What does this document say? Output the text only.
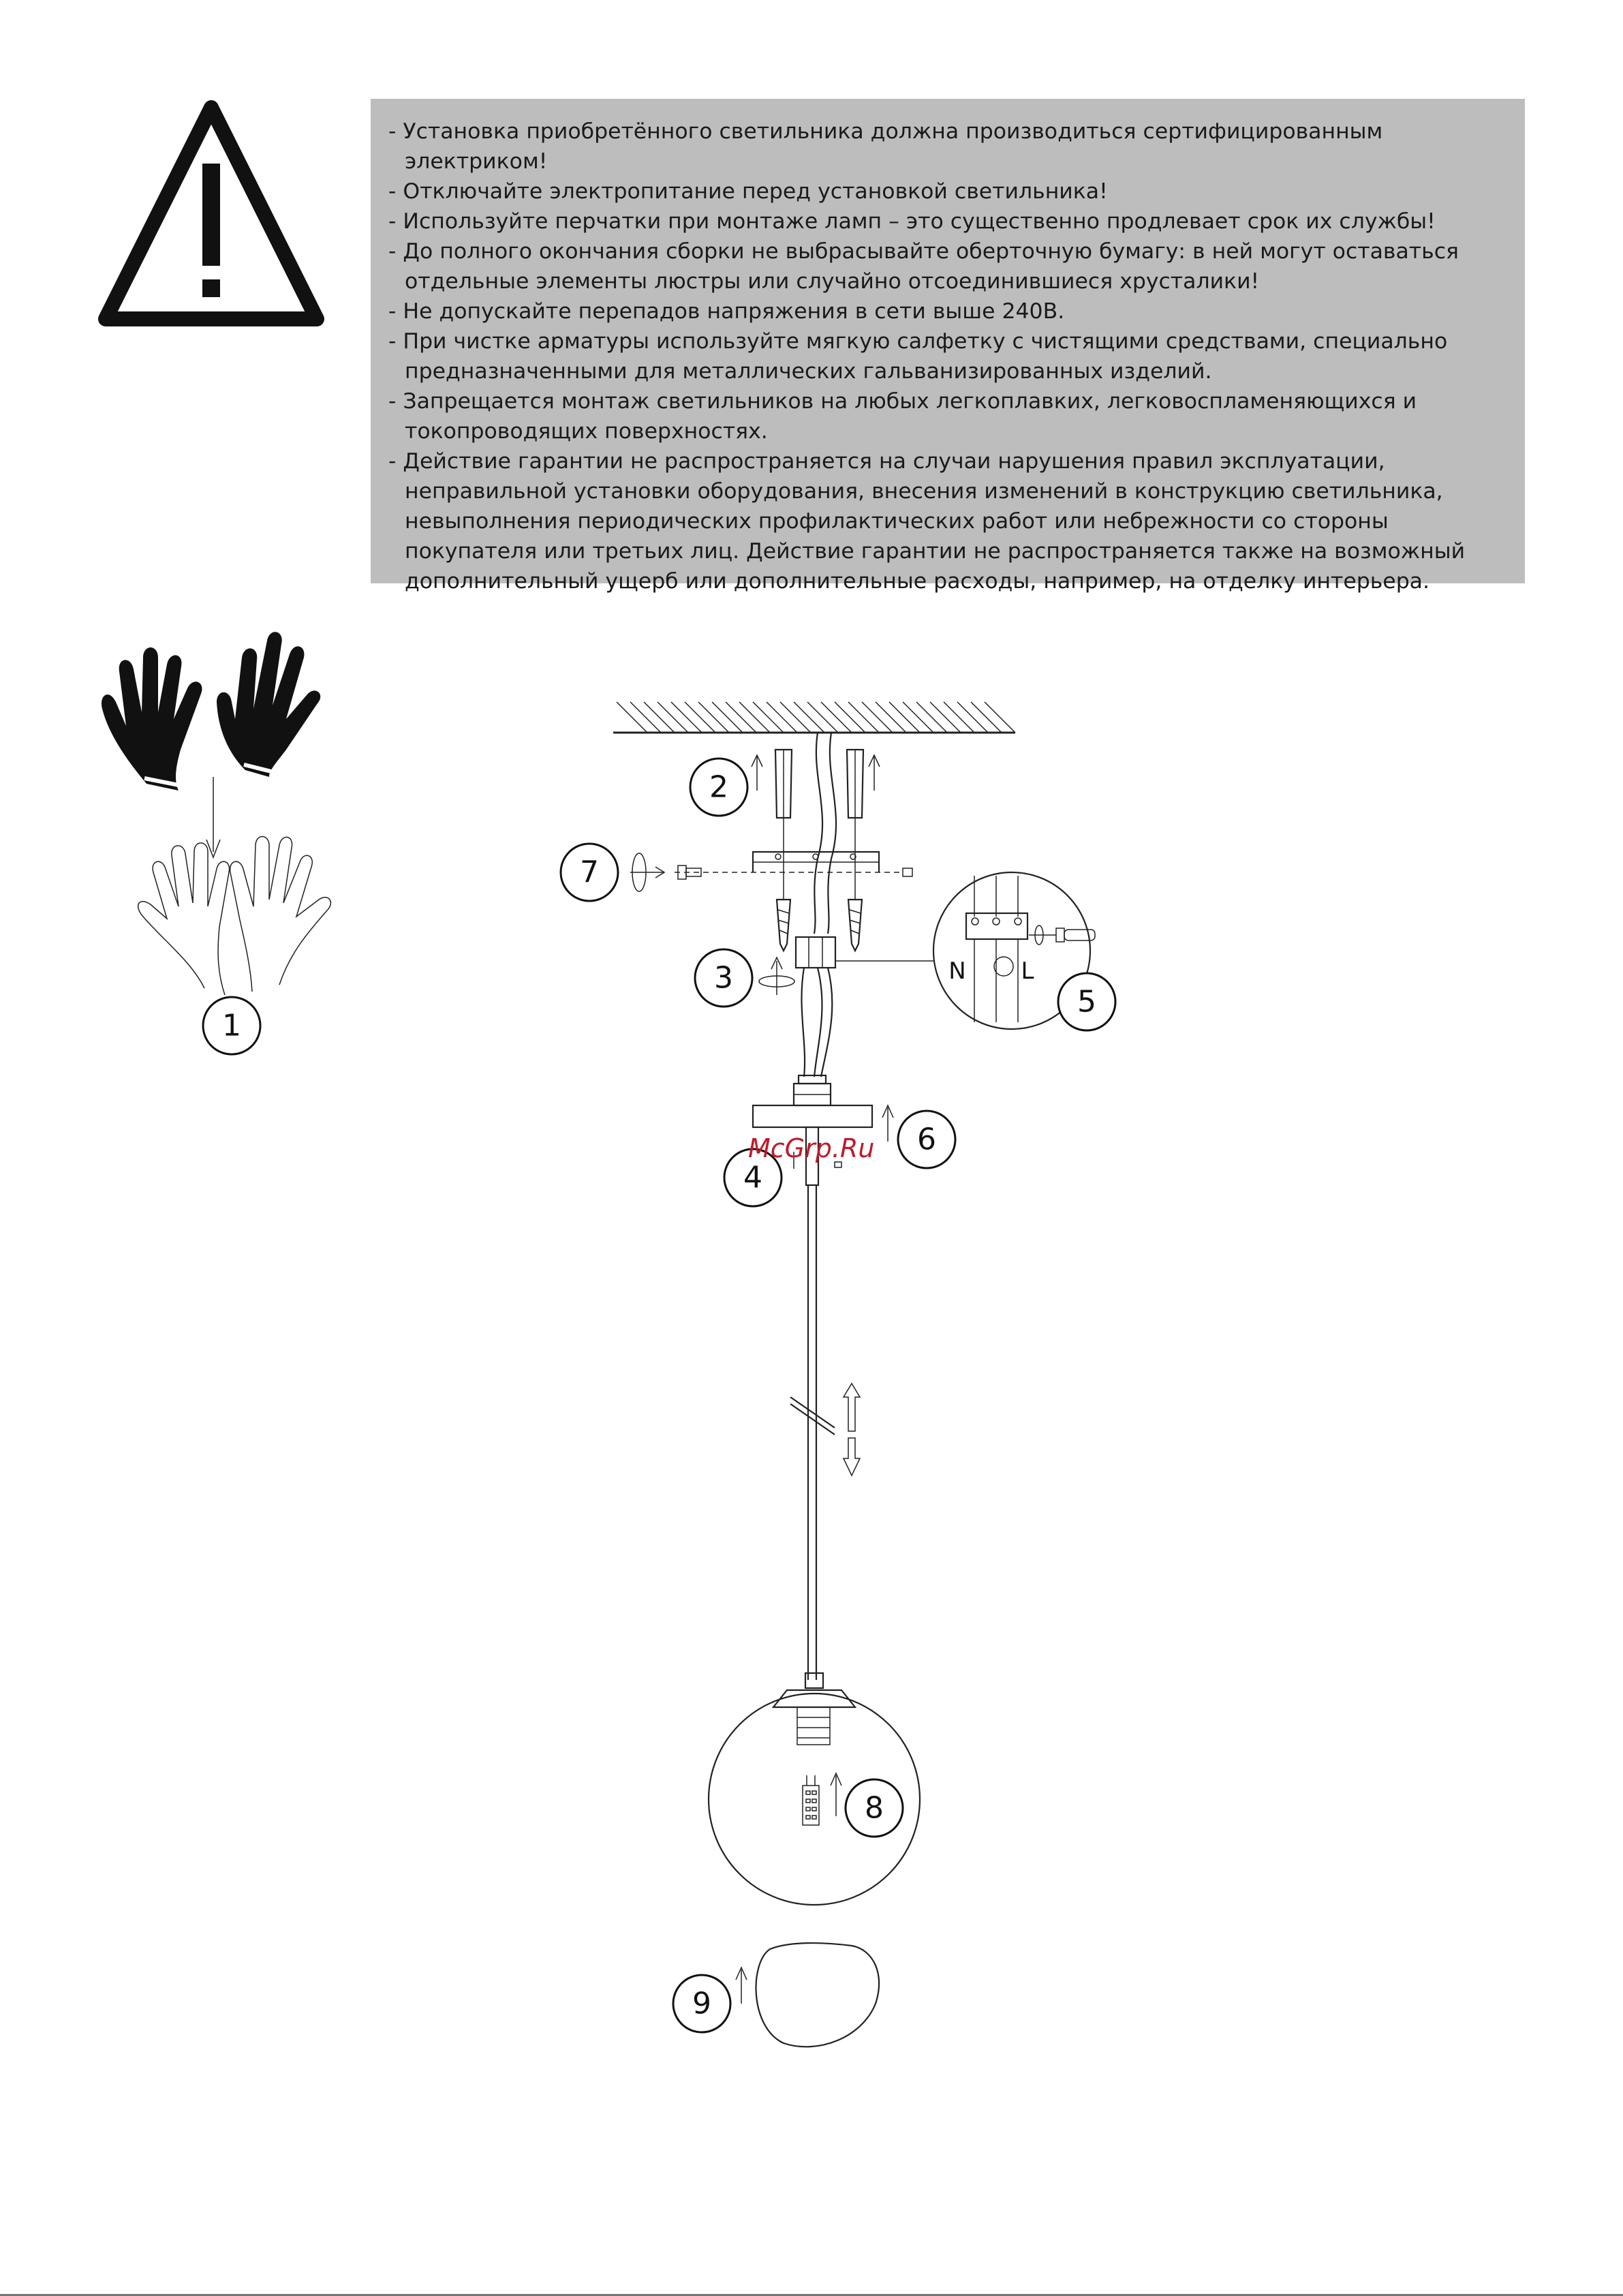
- Установка приобретённого светильника должна производиться сертифицированным электриком!
- Отключайте электропитание перед установкой светильника!
- Используйте перчатки при монтаже ламп – это существенно продлевает срок их службы!
- До полного окончания сборки не выбрасывайте оберточную бумагу: в ней могут оставаться отдельные элементы люстры или случайно отсоединившиеся хрусталики!
- Не допускайте перепадов напряжения в сети выше 240В.
- При чистке арматуры используйте мягкую салфетку с чистящими средствами, специально предназначенными для металлических гальванизированных изделий.
- Запрещается монтаж светильников на любых легкоплавких, легковоспламеняющихся и токопроводящих поверхностях.
- Действие гарантии не распространяется на случаи нарушения правил эксплуатации, неправильной установки оборудования, внесения изменений в конструкцию светильника, невыполнения периодических профилактических работ или небрежности со стороны покупателя или третьих лиц. Действие гарантии не распространяется также на возможный дополнительный ущерб или дополнительные расходы, например, на отделку интерьера.
N L
1
2
3
4
5
6
7
8
9
McGrp.Ru
